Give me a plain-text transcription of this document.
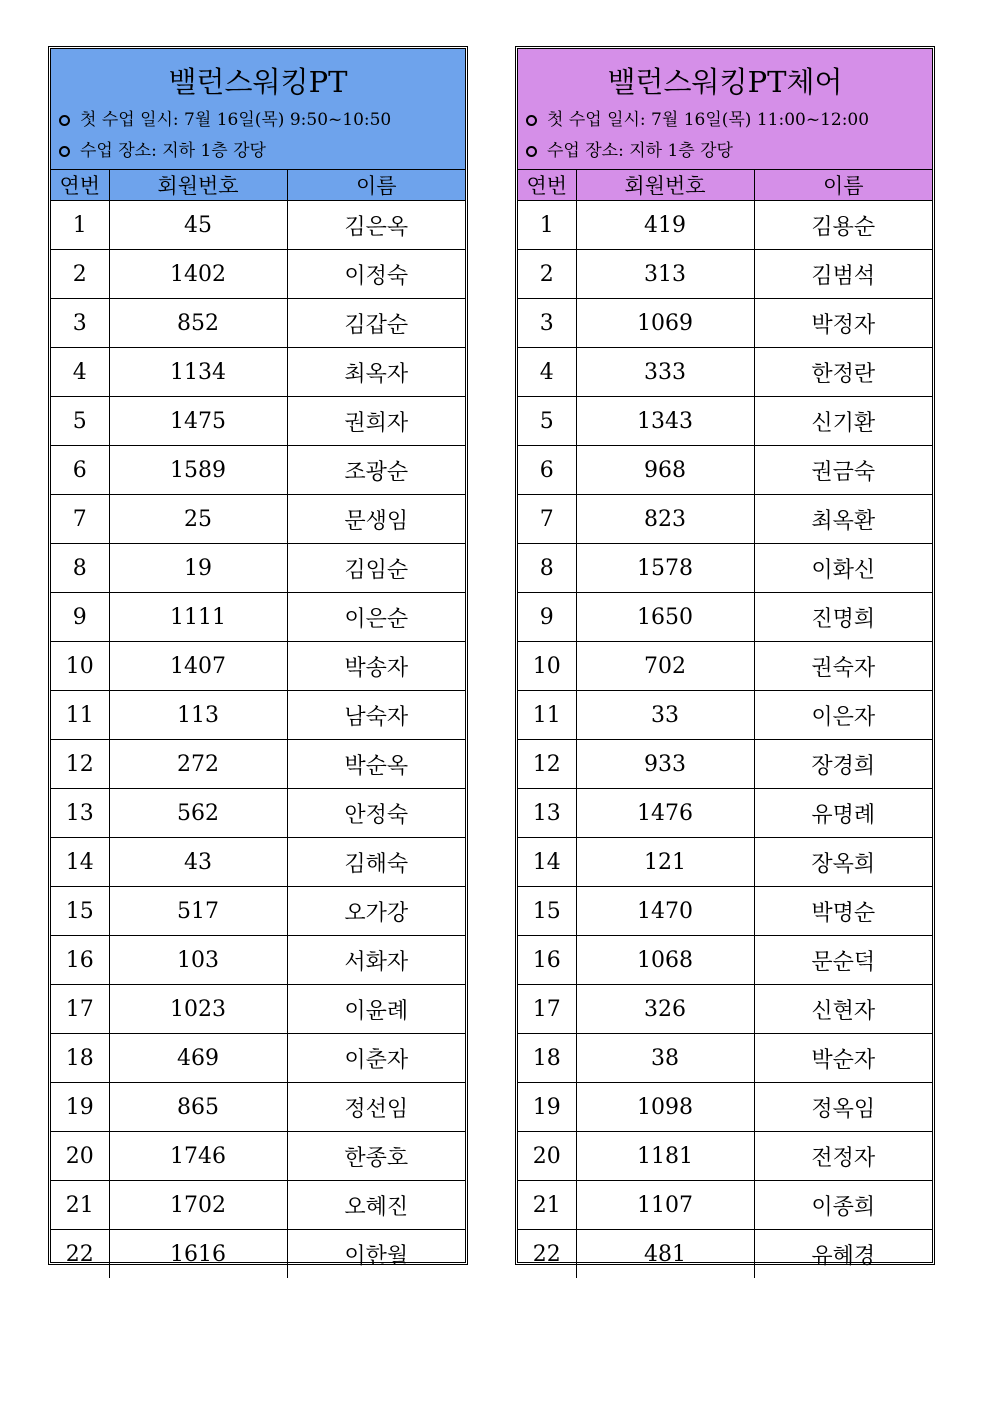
밸런스워킹PT
첫 수업 일시: 7월 16일(목) 9:50~10:50
수업 장소: 지하 1층 강당
연번	회원번호	이름
1	45	김은옥
2	1402	이정숙
3	852	김갑순
4	1134	최옥자
5	1475	권희자
6	1589	조광순
7	25	문생임
8	19	김임순
9	1111	이은순
10	1407	박송자
11	113	남숙자
12	272	박순옥
13	562	안정숙
14	43	김해숙
15	517	오가강
16	103	서화자
17	1023	이윤례
18	469	이춘자
19	865	정선임
20	1746	한종호
21	1702	오혜진
22	1616	이한월
밸런스워킹PT체어
첫 수업 일시: 7월 16일(목) 11:00~12:00
수업 장소: 지하 1층 강당
연번	회원번호	이름
1	419	김용순
2	313	김범석
3	1069	박정자
4	333	한정란
5	1343	신기환
6	968	권금숙
7	823	최옥환
8	1578	이화신
9	1650	진명희
10	702	권숙자
11	33	이은자
12	933	장경희
13	1476	유명례
14	121	장옥희
15	1470	박명순
16	1068	문순덕
17	326	신현자
18	38	박순자
19	1098	정옥임
20	1181	전정자
21	1107	이종희
22	481	유혜경
